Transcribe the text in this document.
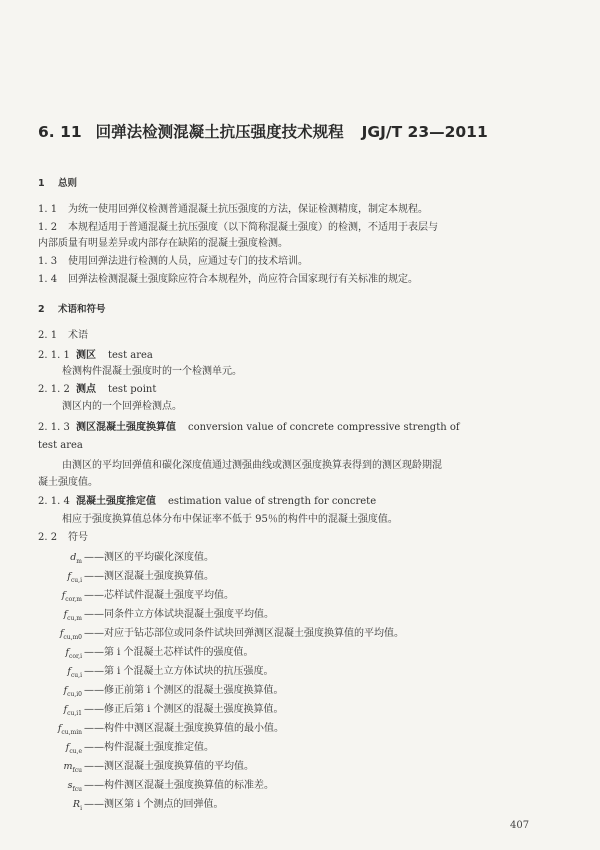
6. 11 回弹法检测混凝土抗压强度技术规程 JGJ/T 23—2011
1 总则
1. 1 为统一使用回弹仪检测普通混凝土抗压强度的方法，保证检测精度，制定本规程。
1. 2 本规程适用于普通混凝土抗压强度（以下简称混凝土强度）的检测，不适用于表层与
内部质量有明显差异或内部存在缺陷的混凝土强度检测。
1. 3 使用回弹法进行检测的人员，应通过专门的技术培训。
1. 4 回弹法检测混凝土强度除应符合本规程外，尚应符合国家现行有关标准的规定。
2 术语和符号
2. 1 术语
2. 1. 1 测区 test area
检测构件混凝土强度时的一个检测单元。
2. 1. 2 测点 test point
测区内的一个回弹检测点。
2. 1. 3 测区混凝土强度换算值 conversion value of concrete compressive strength of
test area
由测区的平均回弹值和碳化深度值通过测强曲线或测区强度换算表得到的测区现龄期混
凝土强度值。
2. 1. 4 混凝土强度推定值 estimation value of strength for concrete
相应于强度换算值总体分布中保证率不低于 95％的构件中的混凝土强度值。
2. 2 符号
$d_m$ ——测区的平均碳化深度值。
$f_{cu,i}$ ——测区混凝土强度换算值。
$f_{cor,m}$ ——芯样试件混凝土强度平均值。
$f_{cu,m}$ ——同条件立方体试块混凝土强度平均值。
$f_{cu,m0}$ ——对应于钻芯部位或同条件试块回弹测区混凝土强度换算值的平均值。
$f_{cor,i}$ ——第 i 个混凝土芯样试件的强度值。
$f_{cu,i}$ ——第 i 个混凝土立方体试块的抗压强度。
$f_{cu,i0}$ ——修正前第 i 个测区的混凝土强度换算值。
$f_{cu,i1}$ ——修正后第 i 个测区的混凝土强度换算值。
$f_{cu,min}$ ——构件中测区混凝土强度换算值的最小值。
$f_{cu,e}$ ——构件混凝土强度推定值。
$m_{fcu}$ ——测区混凝土强度换算值的平均值。
$s_{fcu}$ ——构件测区混凝土强度换算值的标准差。
$R_i$ ——测区第 i 个测点的回弹值。
407
